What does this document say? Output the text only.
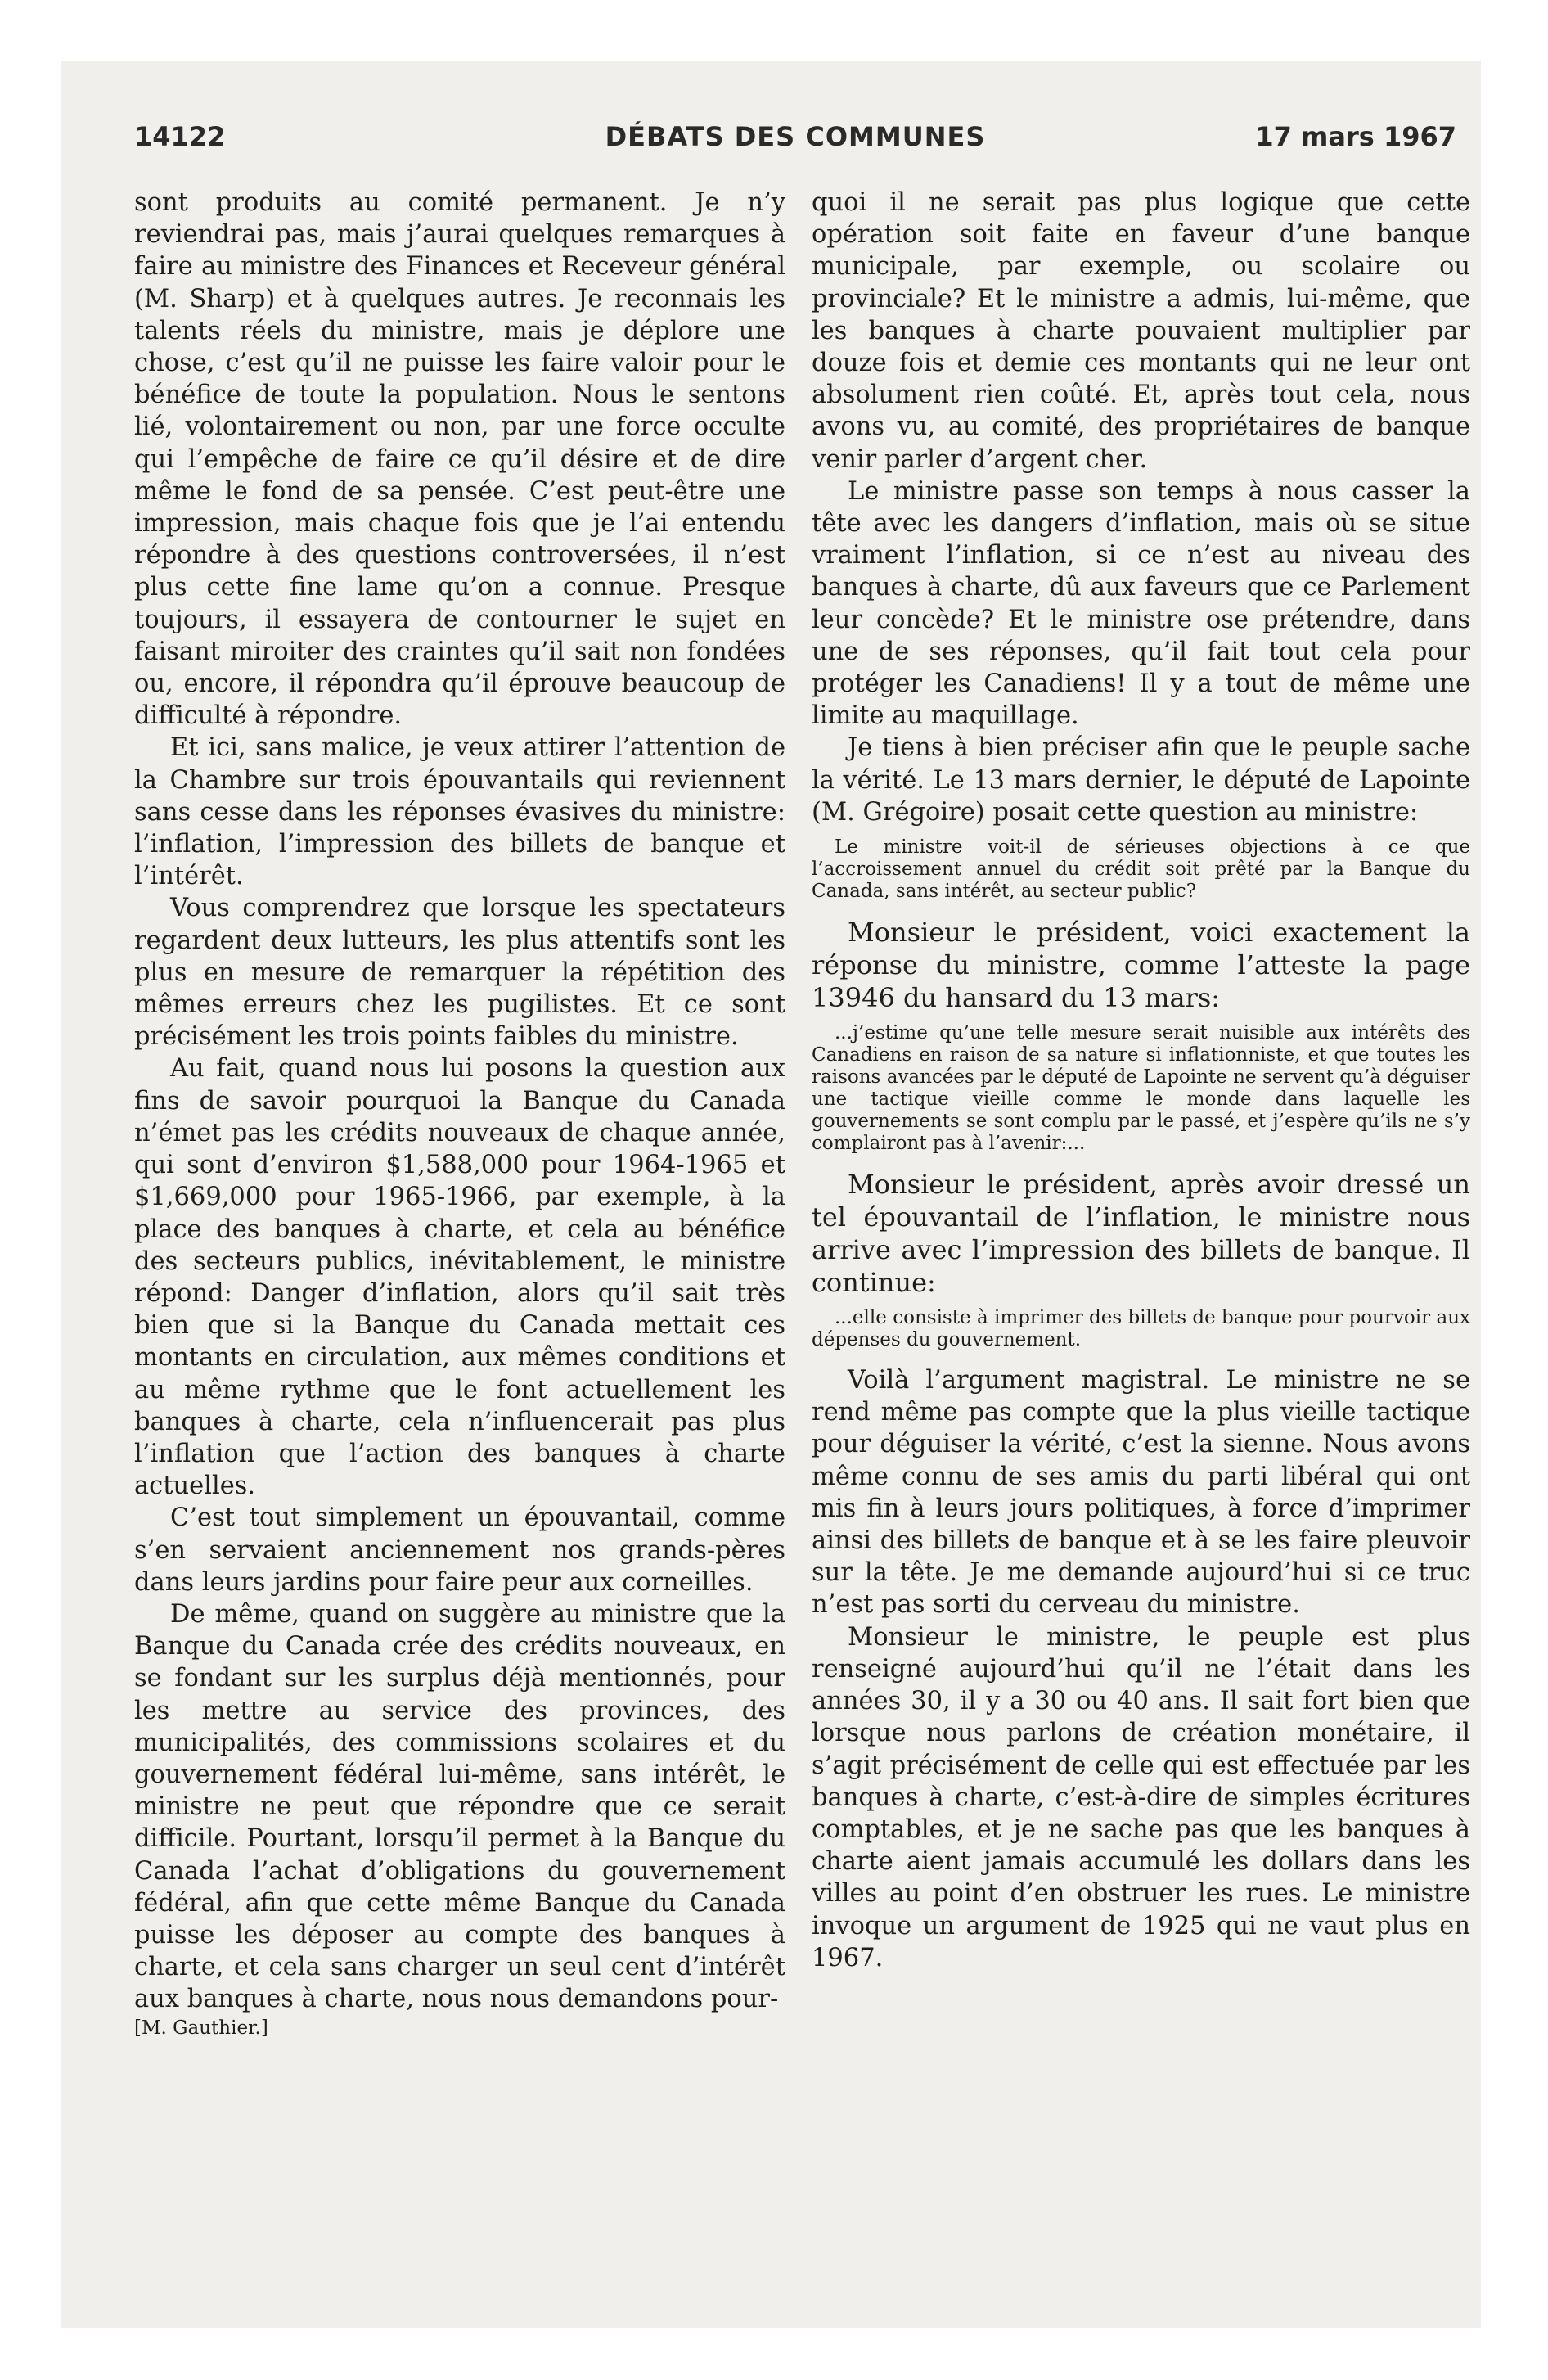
14122	DÉBATS DES COMMUNES	17 mars 1967

sont produits au comité permanent. Je n’y reviendrai pas, mais j’aurai quelques remarques à faire au ministre des Finances et Receveur général (M. Sharp) et à quelques autres. Je reconnais les talents réels du ministre, mais je déplore une chose, c’est qu’il ne puisse les faire valoir pour le bénéfice de toute la population. Nous le sentons lié, volontairement ou non, par une force occulte qui l’empêche de faire ce qu’il désire et de dire même le fond de sa pensée. C’est peut-être une impression, mais chaque fois que je l’ai entendu répondre à des questions controversées, il n’est plus cette fine lame qu’on a connue. Presque toujours, il essayera de contourner le sujet en faisant miroiter des craintes qu’il sait non fondées ou, encore, il répondra qu’il éprouve beaucoup de difficulté à répondre.

Et ici, sans malice, je veux attirer l’attention de la Chambre sur trois épouvantails qui reviennent sans cesse dans les réponses évasives du ministre: l’inflation, l’impression des billets de banque et l’intérêt.

Vous comprendrez que lorsque les spectateurs regardent deux lutteurs, les plus attentifs sont les plus en mesure de remarquer la répétition des mêmes erreurs chez les pugilistes. Et ce sont précisément les trois points faibles du ministre.

Au fait, quand nous lui posons la question aux fins de savoir pourquoi la Banque du Canada n’émet pas les crédits nouveaux de chaque année, qui sont d’environ $1,588,000 pour 1964-1965 et $1,669,000 pour 1965-1966, par exemple, à la place des banques à charte, et cela au bénéfice des secteurs publics, inévitablement, le ministre répond: Danger d’inflation, alors qu’il sait très bien que si la Banque du Canada mettait ces montants en circulation, aux mêmes conditions et au même rythme que le font actuellement les banques à charte, cela n’influencerait pas plus l’inflation que l’action des banques à charte actuelles.

C’est tout simplement un épouvantail, comme s’en servaient anciennement nos grands-pères dans leurs jardins pour faire peur aux corneilles.

De même, quand on suggère au ministre que la Banque du Canada crée des crédits nouveaux, en se fondant sur les surplus déjà mentionnés, pour les mettre au service des provinces, des municipalités, des commissions scolaires et du gouvernement fédéral lui-même, sans intérêt, le ministre ne peut que répondre que ce serait difficile. Pourtant, lorsqu’il permet à la Banque du Canada l’achat d’obligations du gouvernement fédéral, afin que cette même Banque du Canada puisse les déposer au compte des banques à charte, et cela sans charger un seul cent d’intérêt aux banques à charte, nous nous demandons pour-

[M. Gauthier.]

quoi il ne serait pas plus logique que cette opération soit faite en faveur d’une banque municipale, par exemple, ou scolaire ou provinciale? Et le ministre a admis, lui-même, que les banques à charte pouvaient multiplier par douze fois et demie ces montants qui ne leur ont absolument rien coûté. Et, après tout cela, nous avons vu, au comité, des propriétaires de banque venir parler d’argent cher.

Le ministre passe son temps à nous casser la tête avec les dangers d’inflation, mais où se situe vraiment l’inflation, si ce n’est au niveau des banques à charte, dû aux faveurs que ce Parlement leur concède? Et le ministre ose prétendre, dans une de ses réponses, qu’il fait tout cela pour protéger les Canadiens! Il y a tout de même une limite au maquillage.

Je tiens à bien préciser afin que le peuple sache la vérité. Le 13 mars dernier, le député de Lapointe (M. Grégoire) posait cette question au ministre:

Le ministre voit-il de sérieuses objections à ce que l’accroissement annuel du crédit soit prêté par la Banque du Canada, sans intérêt, au secteur public?

Monsieur le président, voici exactement la réponse du ministre, comme l’atteste la page 13946 du hansard du 13 mars:

...j’estime qu’une telle mesure serait nuisible aux intérêts des Canadiens en raison de sa nature si inflationniste, et que toutes les raisons avancées par le député de Lapointe ne servent qu’à déguiser une tactique vieille comme le monde dans laquelle les gouvernements se sont complu par le passé, et j’espère qu’ils ne s’y complairont pas à l’avenir:...

Monsieur le président, après avoir dressé un tel épouvantail de l’inflation, le ministre nous arrive avec l’impression des billets de banque. Il continue:

...elle consiste à imprimer des billets de banque pour pourvoir aux dépenses du gouvernement.

Voilà l’argument magistral. Le ministre ne se rend même pas compte que la plus vieille tactique pour déguiser la vérité, c’est la sienne. Nous avons même connu de ses amis du parti libéral qui ont mis fin à leurs jours politiques, à force d’imprimer ainsi des billets de banque et à se les faire pleuvoir sur la tête. Je me demande aujourd’hui si ce truc n’est pas sorti du cerveau du ministre.

Monsieur le ministre, le peuple est plus renseigné aujourd’hui qu’il ne l’était dans les années 30, il y a 30 ou 40 ans. Il sait fort bien que lorsque nous parlons de création monétaire, il s’agit précisément de celle qui est effectuée par les banques à charte, c’est-à-dire de simples écritures comptables, et je ne sache pas que les banques à charte aient jamais accumulé les dollars dans les villes au point d’en obstruer les rues. Le ministre invoque un argument de 1925 qui ne vaut plus en 1967.
